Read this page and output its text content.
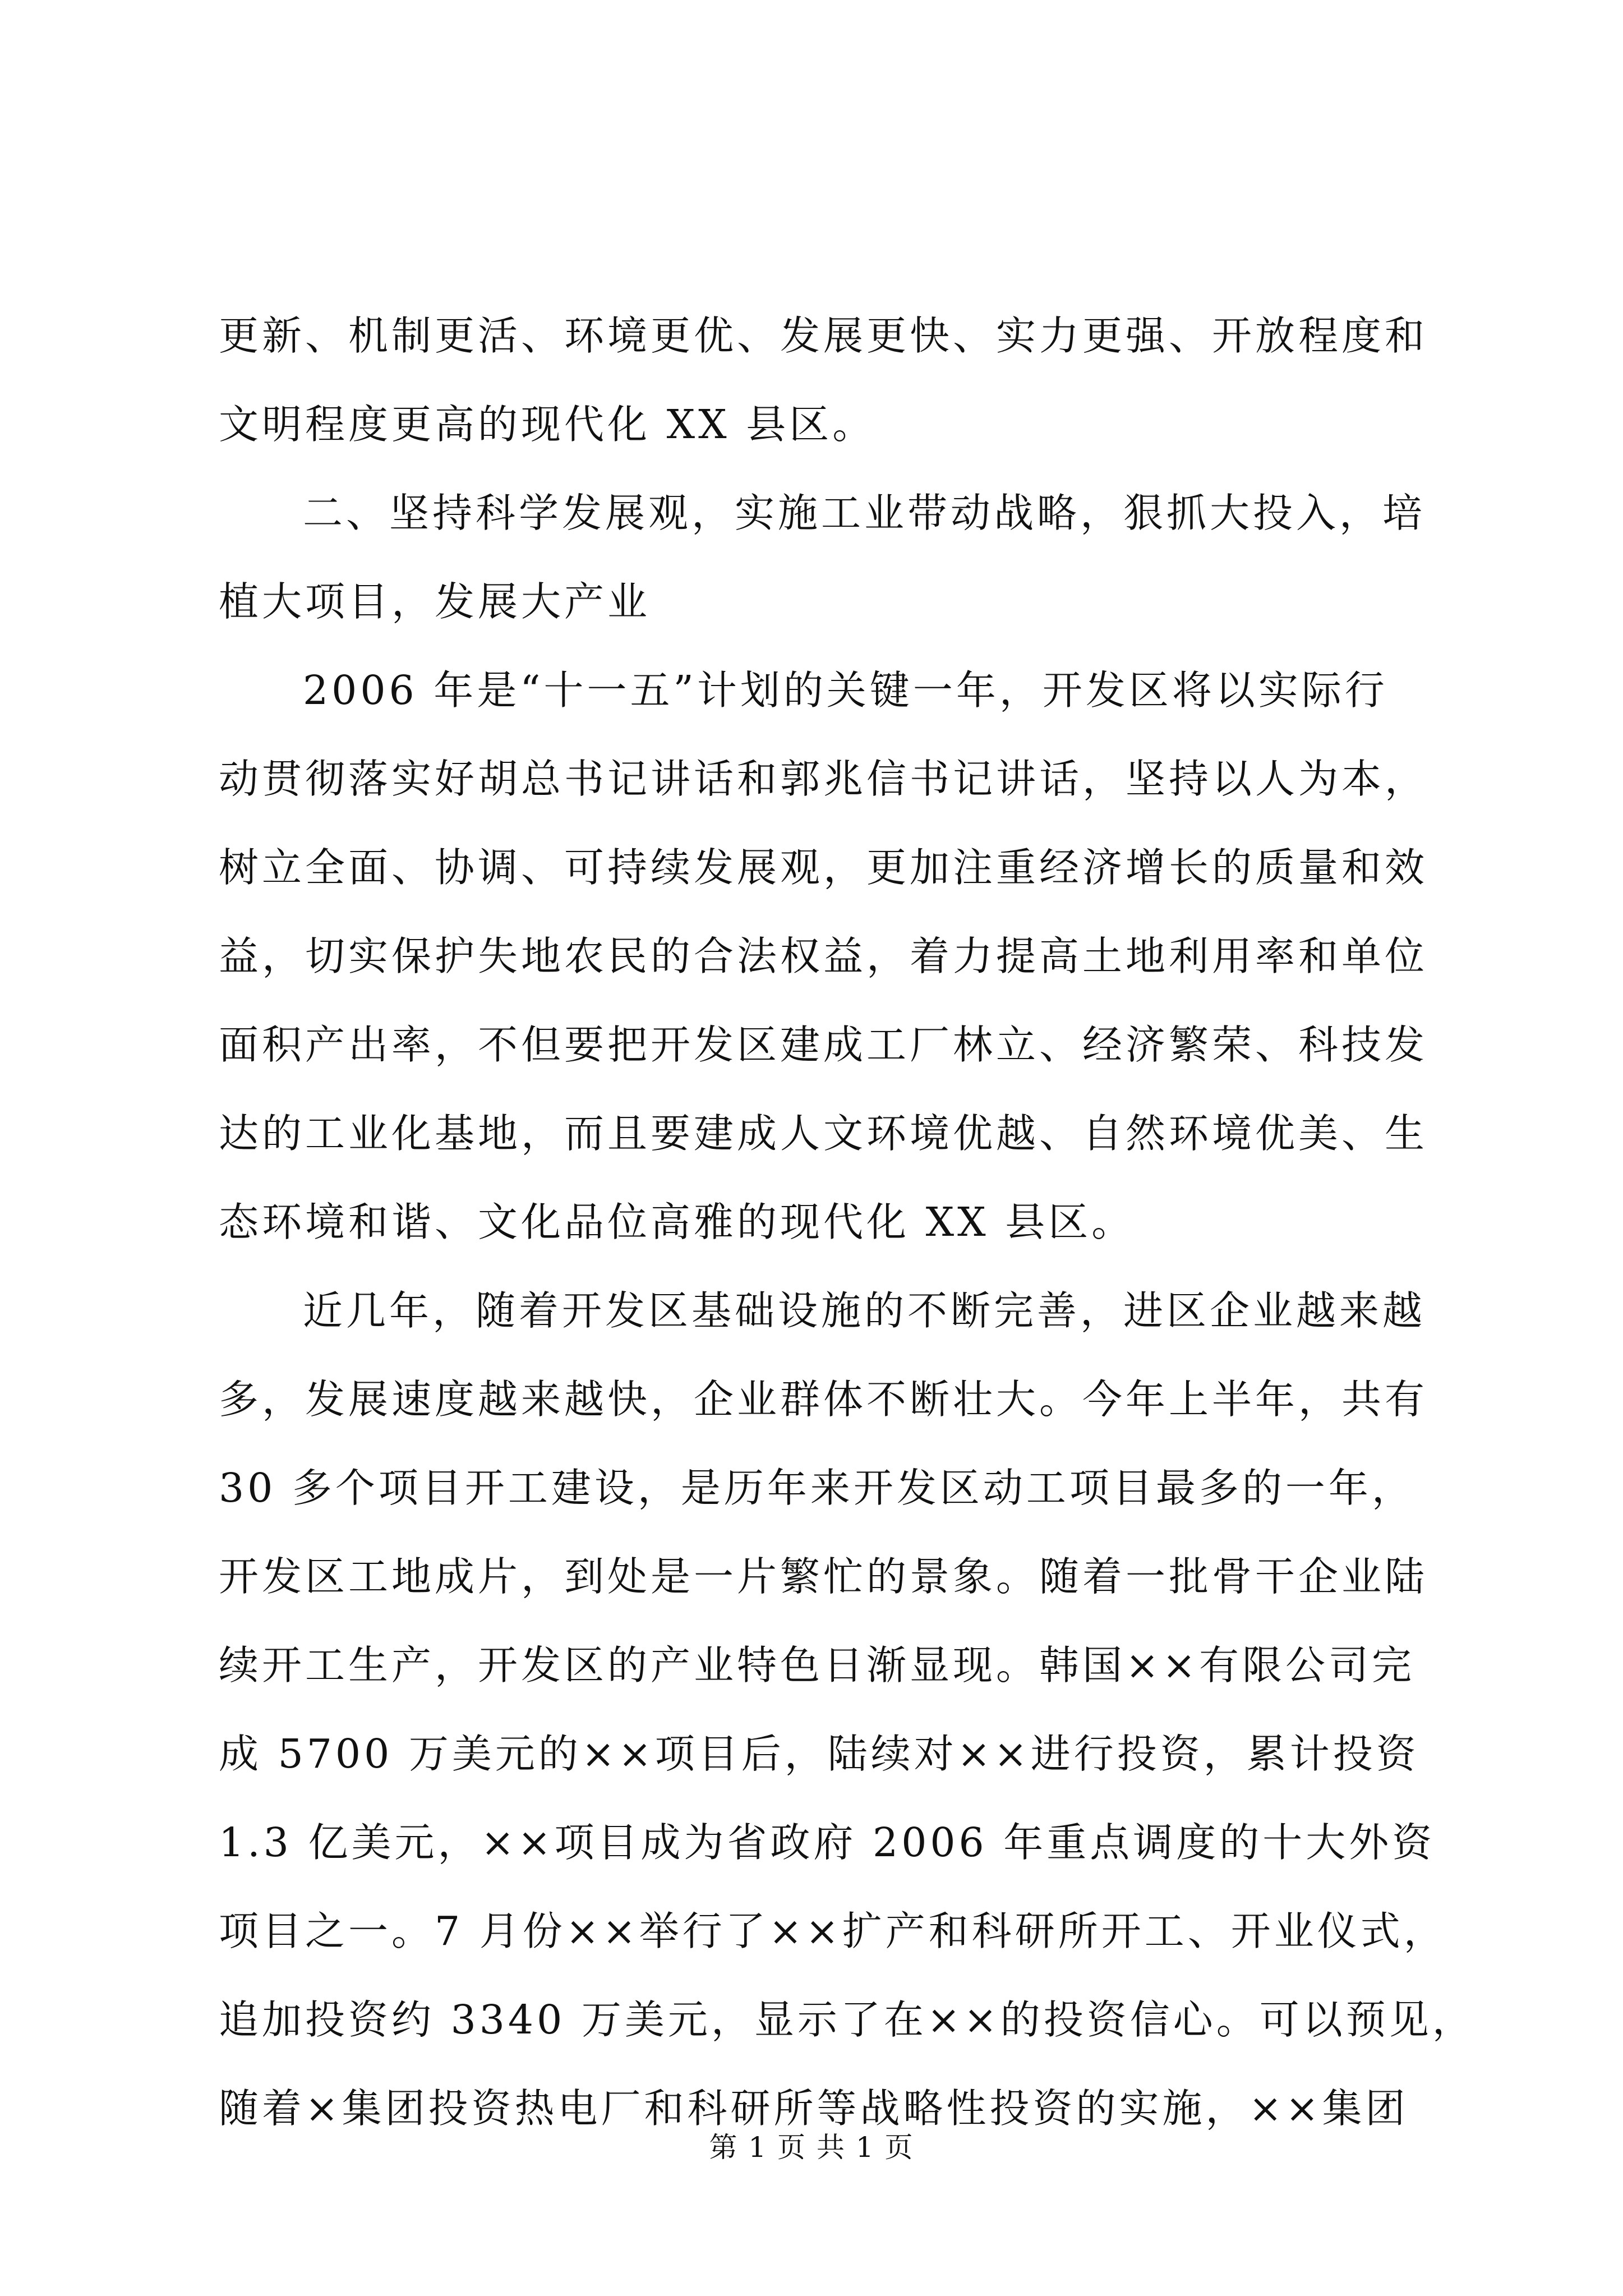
更新、机制更活、环境更优、发展更快、实力更强、开放程度和
文明程度更高的现代化 XX 县区。
二、坚持科学发展观，实施工业带动战略，狠抓大投入，培
植大项目，发展大产业
2006 年是“十一五”计划的关键一年，开发区将以实际行
动贯彻落实好胡总书记讲话和郭兆信书记讲话，坚持以人为本，
树立全面、协调、可持续发展观，更加注重经济增长的质量和效
益，切实保护失地农民的合法权益，着力提高土地利用率和单位
面积产出率，不但要把开发区建成工厂林立、经济繁荣、科技发
达的工业化基地，而且要建成人文环境优越、自然环境优美、生
态环境和谐、文化品位高雅的现代化 XX 县区。
近几年，随着开发区基础设施的不断完善，进区企业越来越
多，发展速度越来越快，企业群体不断壮大。今年上半年，共有
30 多个项目开工建设，是历年来开发区动工项目最多的一年，
开发区工地成片，到处是一片繁忙的景象。随着一批骨干企业陆
续开工生产，开发区的产业特色日渐显现。韩国××有限公司完
成 5700 万美元的××项目后，陆续对××进行投资，累计投资
1.3 亿美元，××项目成为省政府 2006 年重点调度的十大外资
项目之一。7 月份××举行了××扩产和科研所开工、开业仪式，
追加投资约 3340 万美元，显示了在××的投资信心。可以预见，
随着×集团投资热电厂和科研所等战略性投资的实施，××集团
第 1 页 共 1 页
